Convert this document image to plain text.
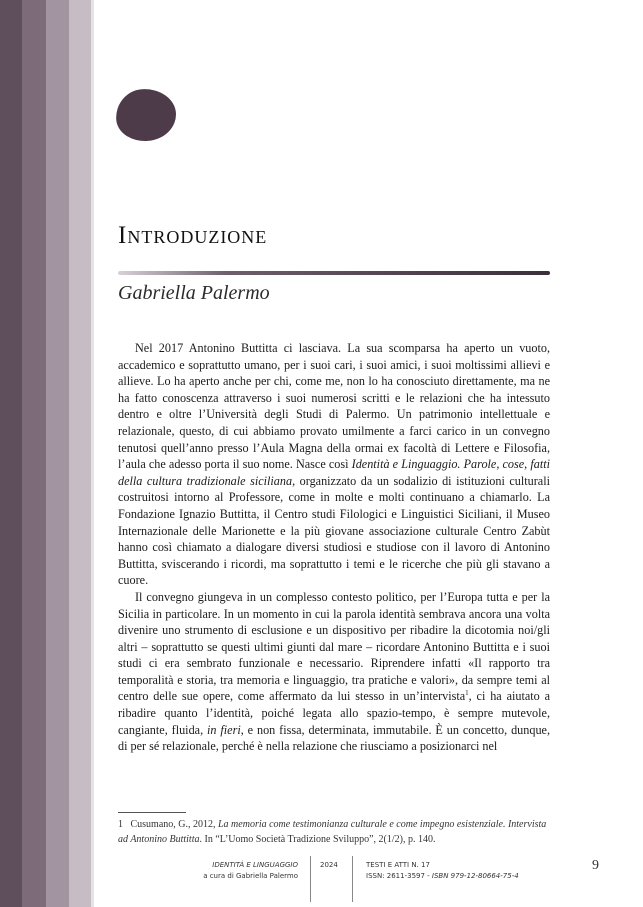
Introduzione
Gabriella Palermo

Nel 2017 Antonino Buttitta ci lasciava. La sua scomparsa ha aperto un vuoto, accademico e soprattutto umano, per i suoi cari, i suoi amici, i suoi moltissimi allievi e allieve. Lo ha aperto anche per chi, come me, non lo ha conosciuto direttamente, ma ne ha fatto conoscenza attraverso i suoi numerosi scritti e le relazioni che ha intessuto dentro e oltre l’Università degli Studi di Palermo. Un patrimonio intellettuale e relazionale, questo, di cui abbiamo provato umilmente a farci carico in un convegno tenutosi quell’anno presso l’Aula Magna della ormai ex facoltà di Lettere e Filosofia, l’aula che adesso porta il suo nome. Nasce così Identità e Linguaggio. Parole, cose, fatti della cultura tradizionale siciliana, organizzato da un sodalizio di istituzioni culturali costruitosi intorno al Professore, come in molte e molti continuano a chiamarlo. La Fondazione Ignazio Buttitta, il Centro studi Filologici e Linguistici Siciliani, il Museo Internazionale delle Marionette e la più giovane associazione culturale Centro Zabùt hanno così chiamato a dialogare diversi studiosi e studiose con il lavoro di Antonino Buttitta, sviscerando i ricordi, ma soprattutto i temi e le ricerche che più gli stavano a cuore.

Il convegno giungeva in un complesso contesto politico, per l’Europa tutta e per la Sicilia in particolare. In un momento in cui la parola identità sembrava ancora una volta divenire uno strumento di esclusione e un dispositivo per ribadire la dicotomia noi/gli altri – soprattutto se questi ultimi giunti dal mare – ricordare Antonino Buttitta e i suoi studi ci era sembrato funzionale e necessario. Riprendere infatti «Il rapporto tra temporalità e storia, tra memoria e linguaggio, tra pratiche e valori», da sempre temi al centro delle sue opere, come affermato da lui stesso in un’intervista$^1$, ci ha aiutato a ribadire quanto l’identità, poiché legata allo spazio-tempo, è sempre mutevole, cangiante, fluida, in fieri, e non fissa, determinata, immutabile. È un concetto, dunque, di per sé relazionale, perché è nella relazione che riusciamo a posizionarci nel

1 Cusumano, G., 2012, La memoria come testimonianza culturale e come impegno esistenziale. Intervista ad Antonino Buttitta. In “L’Uomo Società Tradizione Sviluppo”, 2(1/2), p. 140.
IDENTITÀ E LINGUAGGIO
a cura di Gabriella Palermo
2024	TESTI E ATTI N. 17
ISSN: 2611-3597 - ISBN 979-12-80664-75-4
9
